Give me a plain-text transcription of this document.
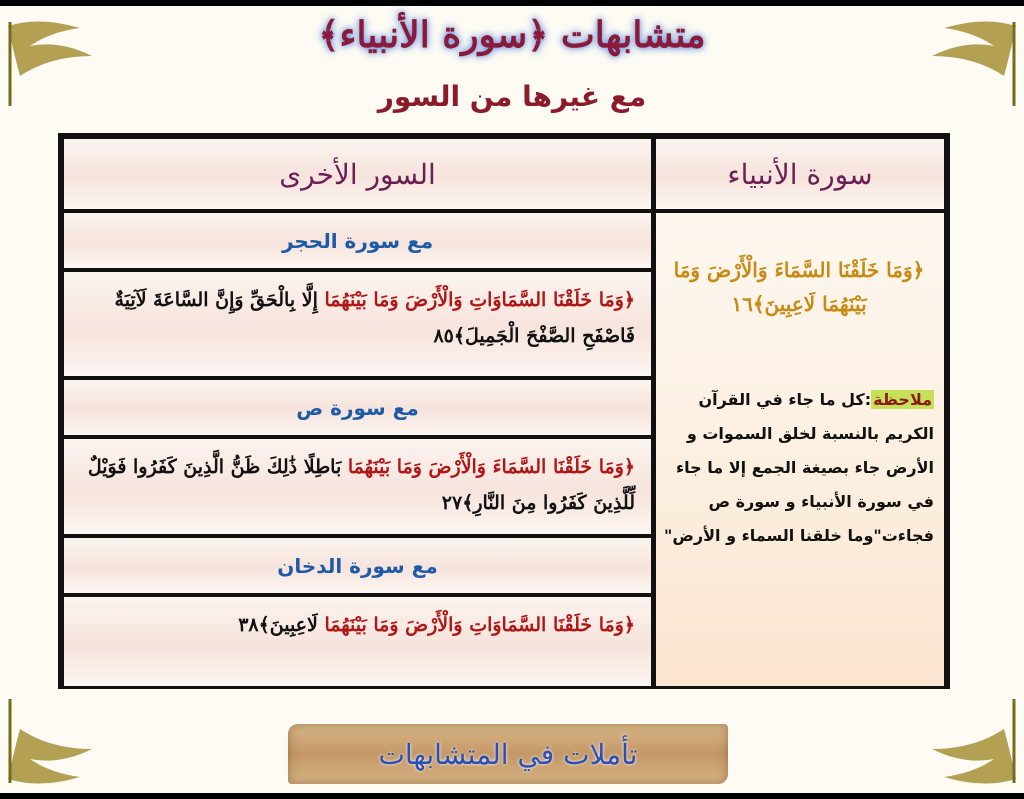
متشابهات ﴿سورة الأنبياء﴾
مع غيرها من السور
السور الأخرى	سورة الأنبياء
مع سورة الحجر
﴿وَمَا خَلَقْنَا السَّمَاوَاتِ وَالْأَرْضَ وَمَا بَيْنَهُمَا إِلَّا بِالْحَقِّ وَإِنَّ السَّاعَةَ لَآتِيَةٌ فَاصْفَحِ الصَّفْحَ الْجَمِيلَ﴾٨٥
مع سورة ص
﴿وَمَا خَلَقْنَا السَّمَاءَ وَالْأَرْضَ وَمَا بَيْنَهُمَا بَاطِلًا ذَٰلِكَ ظَنُّ الَّذِينَ كَفَرُوا فَوَيْلٌ لِّلَّذِينَ كَفَرُوا مِنَ النَّارِ﴾٢٧
مع سورة الدخان
﴿وَمَا خَلَقْنَا السَّمَاوَاتِ وَالْأَرْضَ وَمَا بَيْنَهُمَا لَاعِبِينَ﴾٣٨
﴿وَمَا خَلَقْنَا السَّمَاءَ وَالْأَرْضَ وَمَا بَيْنَهُمَا لَاعِبِينَ﴾١٦
ملاحظة:كل ما جاء في القرآن الكريم بالنسبة لخلق السموات و الأرض جاء بصيغة الجمع إلا ما جاء في سورة الأنبياء و سورة ص فجاءت"وما خلقنا السماء و الأرض"
تأملات في المتشابهات
